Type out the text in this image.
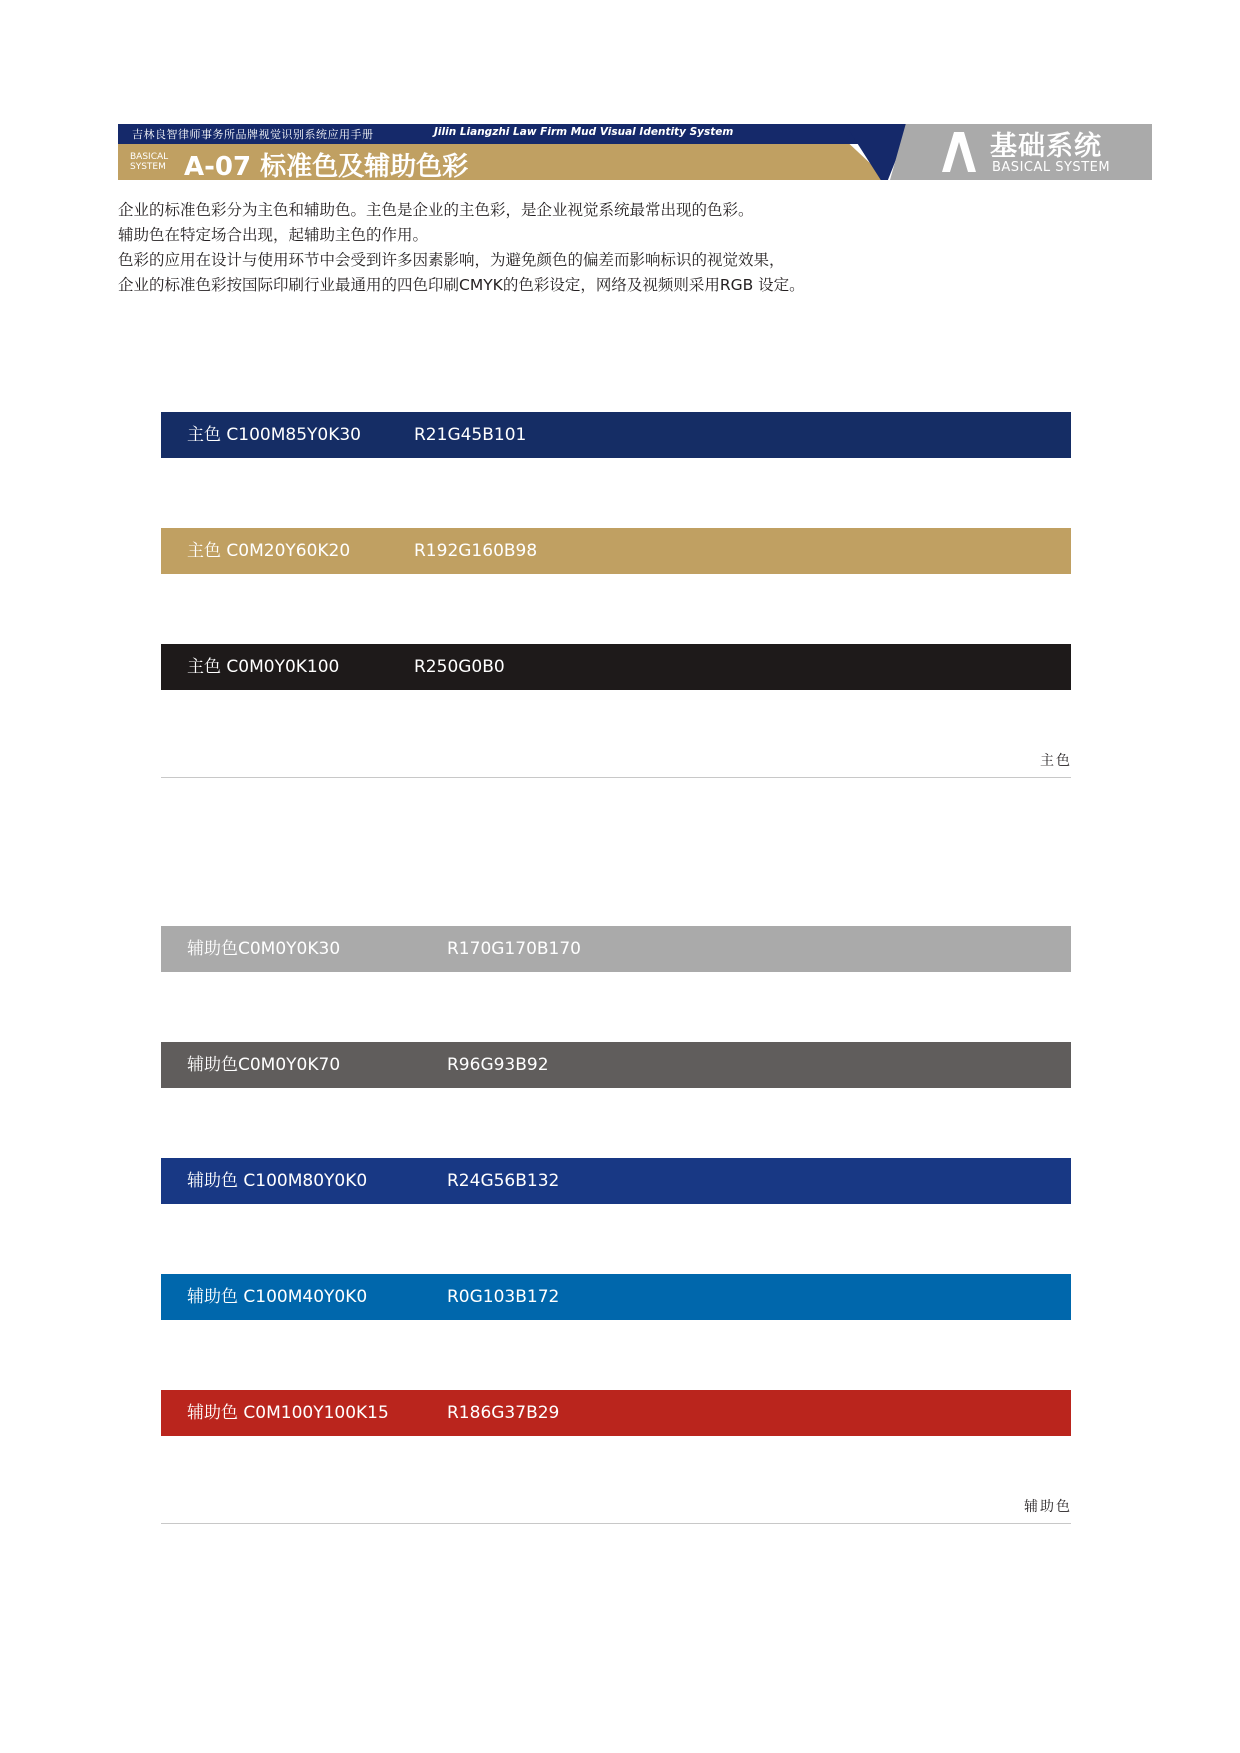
吉林良智律师事务所品牌视觉识别系统应用手册	Jilin Liangzhi Law Firm Mud Visual Identity System
BASICAL
SYSTEM A-07 标准色及辅助色彩
基础系统
BASICAL SYSTEM
企业的标准色彩分为主色和辅助色。主色是企业的主色彩，是企业视觉系统最常出现的色彩。
辅助色在特定场合出现，起辅助主色的作用。
色彩的应用在设计与使用环节中会受到许多因素影响，为避免颜色的偏差而影响标识的视觉效果，
企业的标准色彩按国际印刷行业最通用的四色印刷CMYK的色彩设定，网络及视频则采用RGB 设定。
主色 C100M85Y0K30	R21G45B101
主色 C0M20Y60K20	R192G160B98
主色 C0M0Y0K100	R250G0B0
主色
辅助色C0M0Y0K30	R170G170B170
辅助色C0M0Y0K70	R96G93B92
辅助色 C100M80Y0K0	R24G56B132
辅助色 C100M40Y0K0	R0G103B172
辅助色 C0M100Y100K15	R186G37B29
辅助色
